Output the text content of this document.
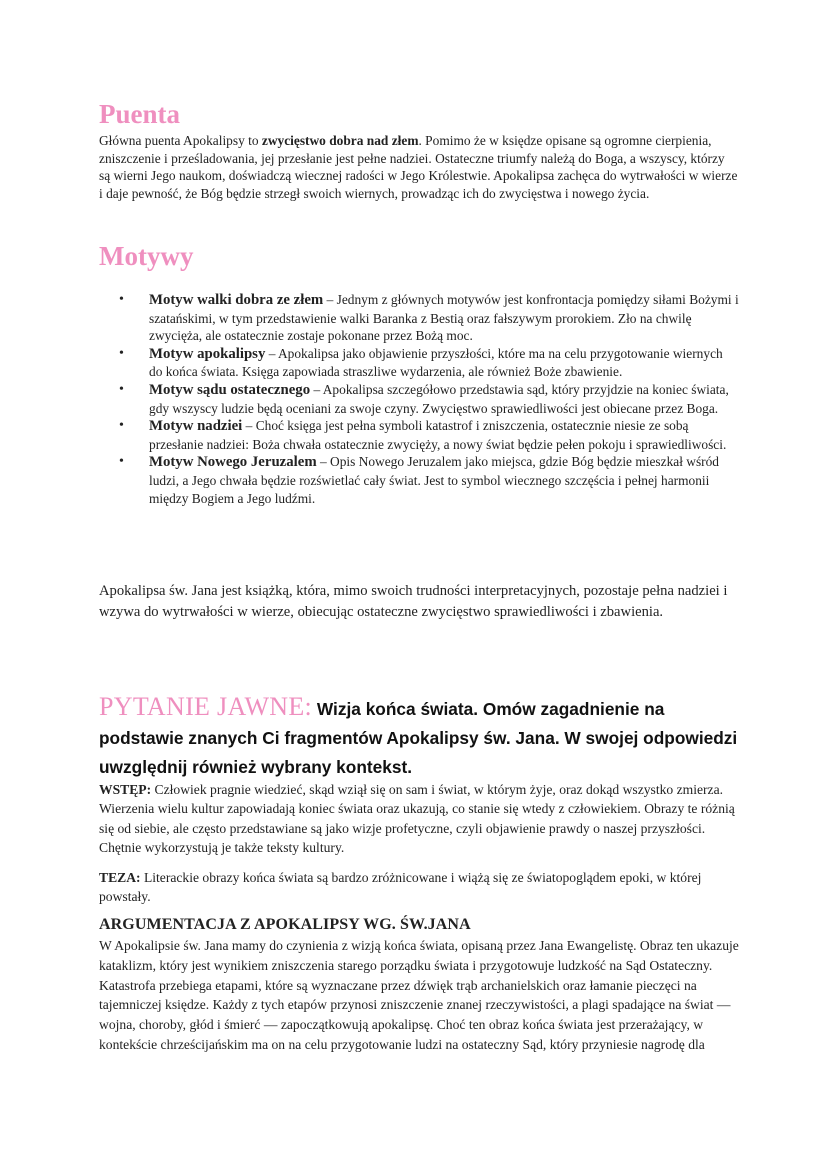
Puenta

Główna puenta Apokalipsy to zwycięstwo dobra nad złem. Pomimo że w księdze opisane są ogromne cierpienia, zniszczenie i prześladowania, jej przesłanie jest pełne nadziei. Ostateczne triumfy należą do Boga, a wszyscy, którzy są wierni Jego naukom, doświadczą wiecznej radości w Jego Królestwie. Apokalipsa zachęca do wytrwałości w wierze i daje pewność, że Bóg będzie strzegł swoich wiernych, prowadząc ich do zwycięstwa i nowego życia.

Motywy
• Motyw walki dobra ze złem – Jednym z głównych motywów jest konfrontacja pomiędzy siłami Bożymi i szatańskimi, w tym przedstawienie walki Baranka z Bestią oraz fałszywym prorokiem. Zło na chwilę zwycięża, ale ostatecznie zostaje pokonane przez Bożą moc.
• Motyw apokalipsy – Apokalipsa jako objawienie przyszłości, które ma na celu przygotowanie wiernych do końca świata. Księga zapowiada straszliwe wydarzenia, ale również Boże zbawienie.
• Motyw sądu ostatecznego – Apokalipsa szczegółowo przedstawia sąd, który przyjdzie na koniec świata, gdy wszyscy ludzie będą oceniani za swoje czyny. Zwycięstwo sprawiedliwości jest obiecane przez Boga.
• Motyw nadziei – Choć księga jest pełna symboli katastrof i zniszczenia, ostatecznie niesie ze sobą przesłanie nadziei: Boża chwała ostatecznie zwycięży, a nowy świat będzie pełen pokoju i sprawiedliwości.
• Motyw Nowego Jeruzalem – Opis Nowego Jeruzalem jako miejsca, gdzie Bóg będzie mieszkał wśród ludzi, a Jego chwała będzie rozświetlać cały świat. Jest to symbol wiecznego szczęścia i pełnej harmonii między Bogiem a Jego ludźmi.

Apokalipsa św. Jana jest książką, która, mimo swoich trudności interpretacyjnych, pozostaje pełna nadziei i wzywa do wytrwałości w wierze, obiecując ostateczne zwycięstwo sprawiedliwości i zbawienia.

PYTANIE JAWNE: Wizja końca świata. Omów zagadnienie na podstawie znanych Ci fragmentów Apokalipsy św. Jana. W swojej odpowiedzi uwzględnij również wybrany kontekst.

WSTĘP: Człowiek pragnie wiedzieć, skąd wziął się on sam i świat, w którym żyje, oraz dokąd wszystko zmierza. Wierzenia wielu kultur zapowiadają koniec świata oraz ukazują, co stanie się wtedy z człowiekiem. Obrazy te różnią się od siebie, ale często przedstawiane są jako wizje profetyczne, czyli objawienie prawdy o naszej przyszłości. Chętnie wykorzystują je także teksty kultury.

TEZA: Literackie obrazy końca świata są bardzo zróżnicowane i wiążą się ze światopoglądem epoki, w której powstały.

ARGUMENTACJA Z APOKALIPSY WG. ŚW.JANA

W Apokalipsie św. Jana mamy do czynienia z wizją końca świata, opisaną przez Jana Ewangelistę. Obraz ten ukazuje kataklizm, który jest wynikiem zniszczenia starego porządku świata i przygotowuje ludzkość na Sąd Ostateczny. Katastrofa przebiega etapami, które są wyznaczane przez dźwięk trąb archanielskich oraz łamanie pieczęci na tajemniczej księdze. Każdy z tych etapów przynosi zniszczenie znanej rzeczywistości, a plagi spadające na świat — wojna, choroby, głód i śmierć — zapoczątkowują apokalipsę. Choć ten obraz końca świata jest przerażający, w kontekście chrześcijańskim ma on na celu przygotowanie ludzi na ostateczny Sąd, który przyniesie nagrodę dla
